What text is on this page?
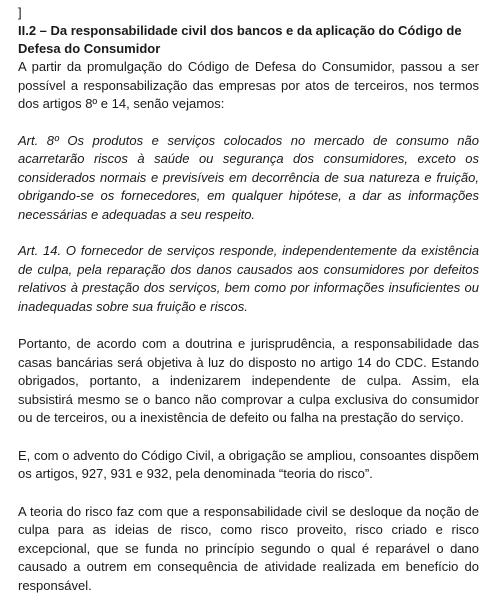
]

II.2 – Da responsabilidade civil dos bancos e da aplicação do Código de Defesa do Consumidor

A partir da promulgação do Código de Defesa do Consumidor, passou a ser possível a responsabilização das empresas por atos de terceiros, nos termos dos artigos 8º e 14, senão vejamos:

Art. 8º Os produtos e serviços colocados no mercado de consumo não acarretarão riscos à saúde ou segurança dos consumidores, exceto os considerados normais e previsíveis em decorrência de sua natureza e fruição, obrigando-se os fornecedores, em qualquer hipótese, a dar as informações necessárias e adequadas a seu respeito.

Art. 14. O fornecedor de serviços responde, independentemente da existência de culpa, pela reparação dos danos causados aos consumidores por defeitos relativos à prestação dos serviços, bem como por informações insuficientes ou inadequadas sobre sua fruição e riscos.

Portanto, de acordo com a doutrina e jurisprudência, a responsabilidade das casas bancárias será objetiva à luz do disposto no artigo 14 do CDC. Estando obrigados, portanto, a indenizarem independente de culpa. Assim, ela subsistirá mesmo se o banco não comprovar a culpa exclusiva do consumidor ou de terceiros, ou a inexistência de defeito ou falha na prestação do serviço.

E, com o advento do Código Civil, a obrigação se ampliou, consoantes dispõem os artigos, 927, 931 e 932, pela denominada “teoria do risco”.

A teoria do risco faz com que a responsabilidade civil se desloque da noção de culpa para as ideias de risco, como risco proveito, risco criado e risco excepcional, que se funda no princípio segundo o qual é reparável o dano causado a outrem em consequência de atividade realizada em benefício do responsável.
